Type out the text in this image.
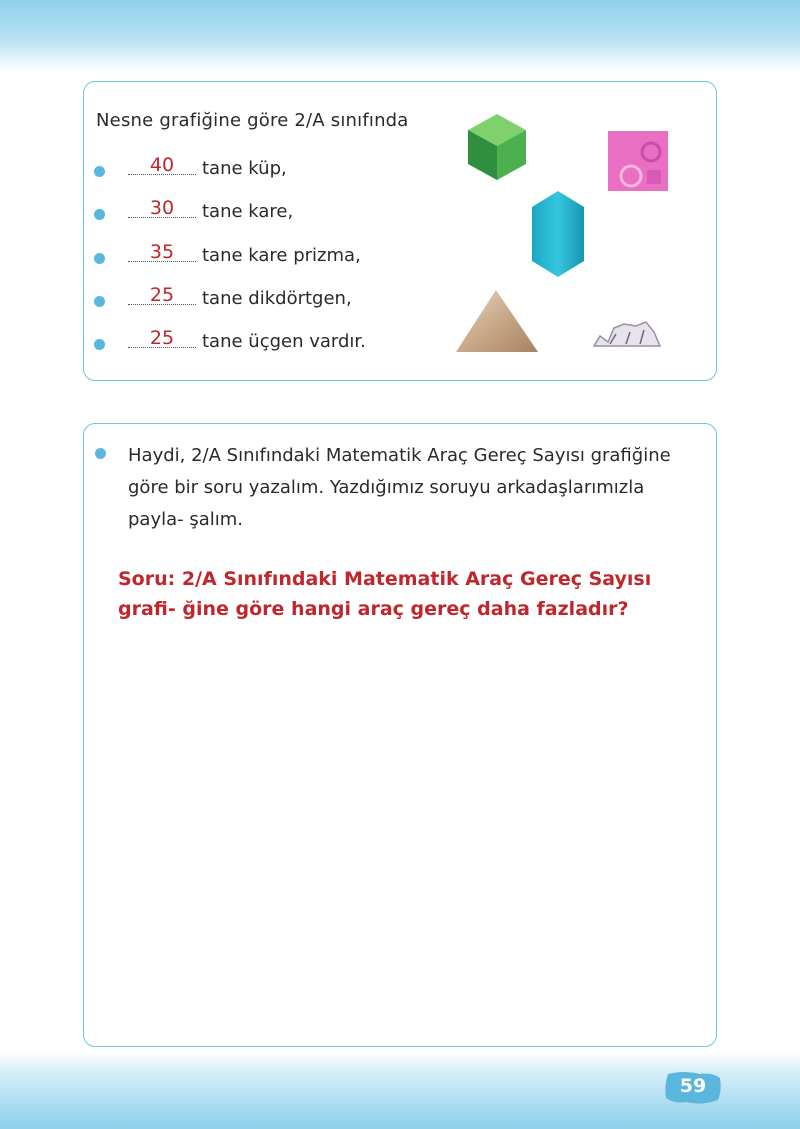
Nesne grafiğine göre 2/A sınıfında
40	tane küp,
30	tane kare,
35	tane kare prizma,
25	tane dikdörtgen,
25	tane üçgen vardır.
Haydi, 2/A Sınıfındaki Matematik Araç Gereç Sayısı grafiğine göre bir soru yazalım. Yazdığımız soruyu arkadaşlarımızla payla- şalım.
Soru: 2/A Sınıfındaki Matematik Araç Gereç Sayısı grafi- ğine göre hangi araç gereç daha fazladır?
59
